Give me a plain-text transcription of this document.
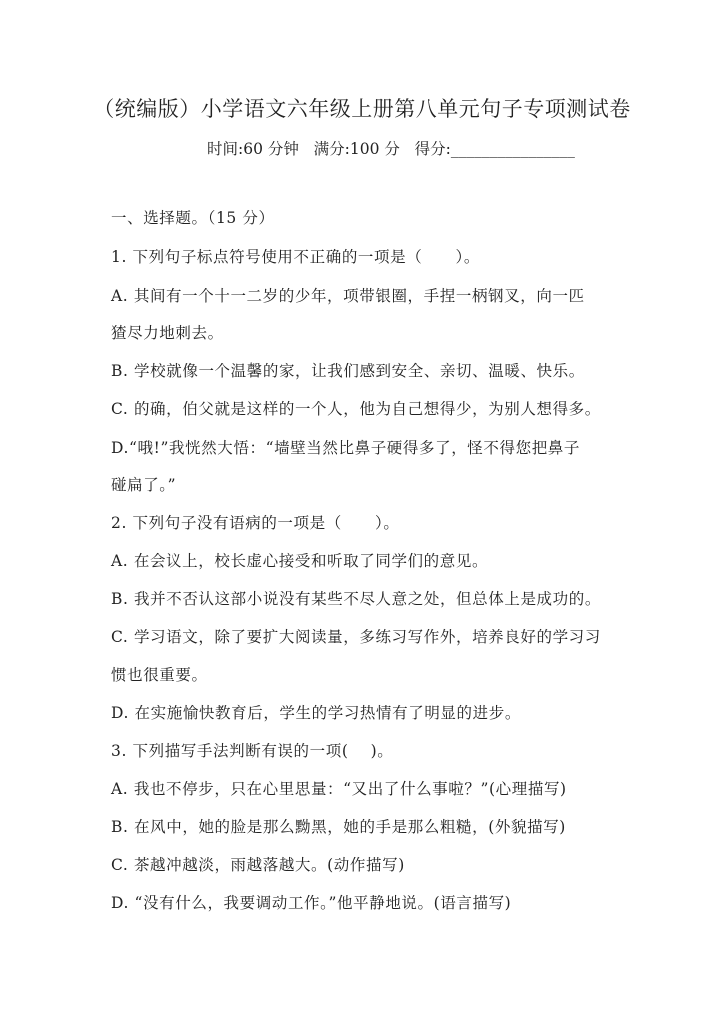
（统编版）小学语文六年级上册第八单元句子专项测试卷
时间:60 分钟   满分:100 分   得分:________________
一、选择题。（15 分）
1. 下列句子标点符号使用不正确的一项是（      ）。
A. 其间有一个十一二岁的少年，项带银圈，手捏一柄钢叉，向一匹
猹尽力地刺去。
B. 学校就像一个温馨的家，让我们感到安全、亲切、温暖、快乐。
C. 的确，伯父就是这样的一个人，他为自己想得少，为别人想得多。
D.“哦!”我恍然大悟：“墙壁当然比鼻子硬得多了，怪不得您把鼻子
碰扁了。”
2. 下列句子没有语病的一项是（      ）。
A. 在会议上，校长虚心接受和听取了同学们的意见。
B. 我并不否认这部小说没有某些不尽人意之处，但总体上是成功的。
C. 学习语文，除了要扩大阅读量，多练习写作外，培养良好的学习习
惯也很重要。
D. 在实施愉快教育后，学生的学习热情有了明显的进步。
3. 下列描写手法判断有误的一项(    )。
A. 我也不停步，只在心里思量：“又出了什么事啦？”(心理描写)
B. 在风中，她的脸是那么黝黑，她的手是那么粗糙，(外貌描写)
C. 茶越冲越淡，雨越落越大。(动作描写)
D. “没有什么，我要调动工作。”他平静地说。(语言描写)
